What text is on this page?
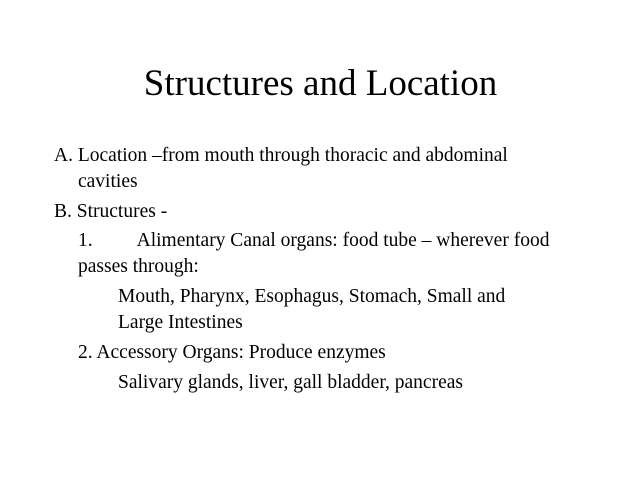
Structures and Location
A. Location –from mouth through thoracic and abdominal
cavities
B. Structures -
1. Alimentary Canal organs: food tube – wherever food
passes through:
Mouth, Pharynx, Esophagus, Stomach, Small and
Large Intestines
2. Accessory Organs: Produce enzymes
Salivary glands, liver, gall bladder, pancreas
